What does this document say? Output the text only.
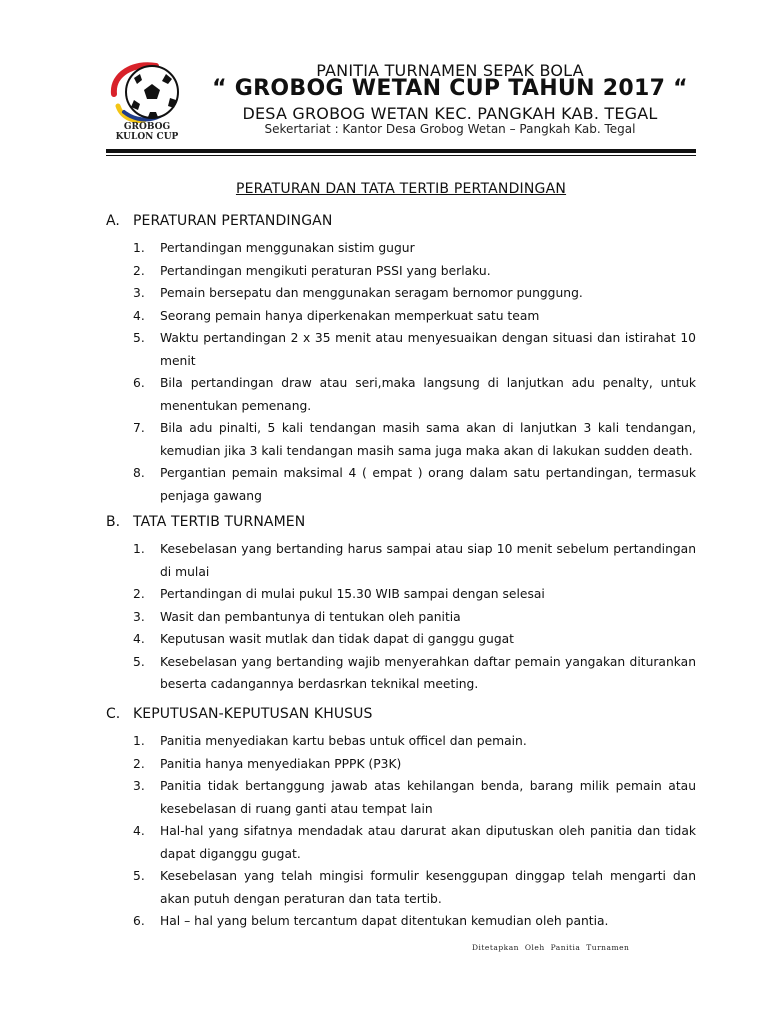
GROBOG
KULON CUP
PANITIA TURNAMEN SEPAK BOLA
“ GROBOG WETAN CUP TAHUN 2017 “
DESA GROBOG WETAN KEC. PANGKAH KAB. TEGAL
Sekertariat : Kantor Desa Grobog Wetan – Pangkah Kab. Tegal
PERATURAN DAN TATA TERTIB PERTANDINGAN
A. PERATURAN PERTANDINGAN
1.	Pertandingan menggunakan sistim gugur
2.	Pertandingan mengikuti peraturan PSSI yang berlaku.
3.	Pemain bersepatu dan menggunakan seragam bernomor punggung.
4.	Seorang pemain hanya diperkenakan memperkuat satu team
5.	Waktu pertandingan 2 x 35 menit atau menyesuaikan dengan situasi dan istirahat 10 menit
6.	Bila pertandingan draw atau seri,maka langsung di lanjutkan adu penalty, untuk menentukan pemenang.
7.	Bila adu pinalti, 5 kali tendangan masih sama akan di lanjutkan 3 kali tendangan, kemudian jika 3 kali tendangan masih sama juga maka akan di lakukan sudden death.
8.	Pergantian pemain maksimal 4 ( empat ) orang dalam satu pertandingan, termasuk penjaga gawang
B. TATA TERTIB TURNAMEN
1.	Kesebelasan yang bertanding harus sampai atau siap 10 menit sebelum pertandingan di mulai
2.	Pertandingan di mulai pukul 15.30 WIB sampai dengan selesai
3.	Wasit dan pembantunya di tentukan oleh panitia
4.	Keputusan wasit mutlak dan tidak dapat di ganggu gugat
5.	Kesebelasan yang bertanding wajib menyerahkan daftar pemain yangakan diturankan beserta cadangannya berdasrkan teknikal meeting.
C. KEPUTUSAN-KEPUTUSAN KHUSUS
1.	Panitia menyediakan kartu bebas untuk officel dan pemain.
2.	Panitia hanya menyediakan PPPK (P3K)
3.	Panitia tidak bertanggung jawab atas kehilangan benda, barang milik pemain atau kesebelasan di ruang ganti atau tempat lain
4.	Hal-hal yang sifatnya mendadak atau darurat akan diputuskan oleh panitia dan tidak dapat diganggu gugat.
5.	Kesebelasan yang telah mingisi formulir kesenggupan dinggap telah mengarti dan akan putuh dengan peraturan dan tata tertib.
6.	Hal – hal yang belum tercantum dapat ditentukan kemudian oleh pantia.
Ditetapkan Oleh Panitia Turnamen
